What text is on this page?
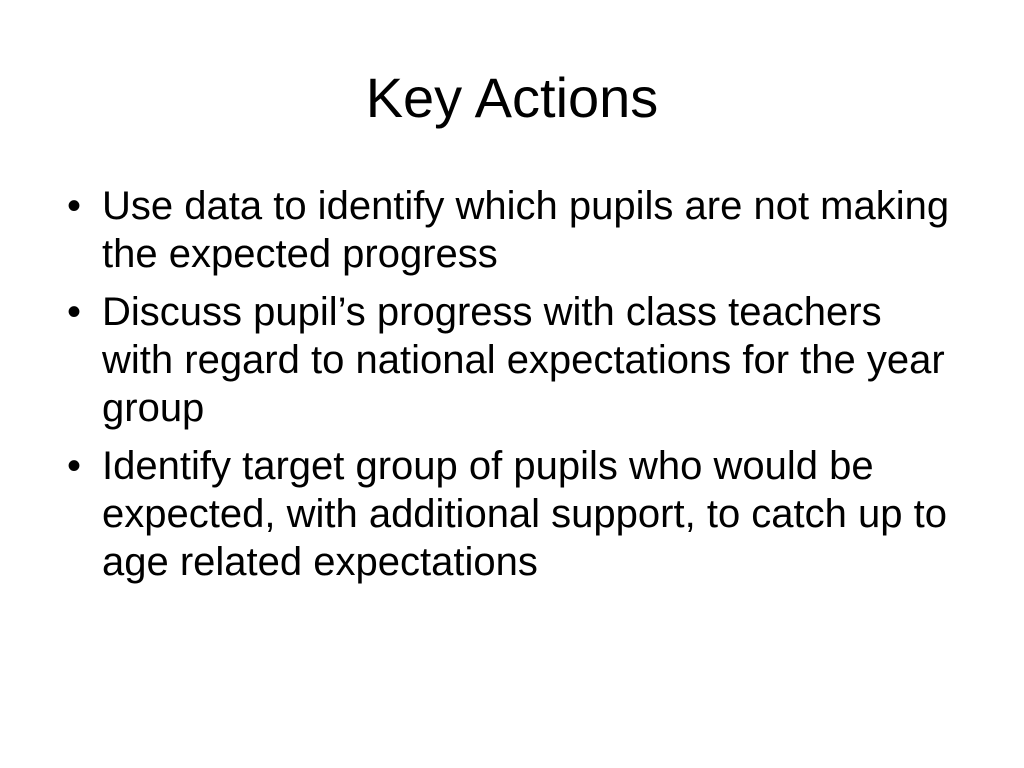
Key Actions
• Use data to identify which pupils are not making the expected progress
• Discuss pupil’s progress with class teachers with regard to national expectations for the year group
• Identify target group of pupils who would be expected, with additional support, to catch up to age related expectations
